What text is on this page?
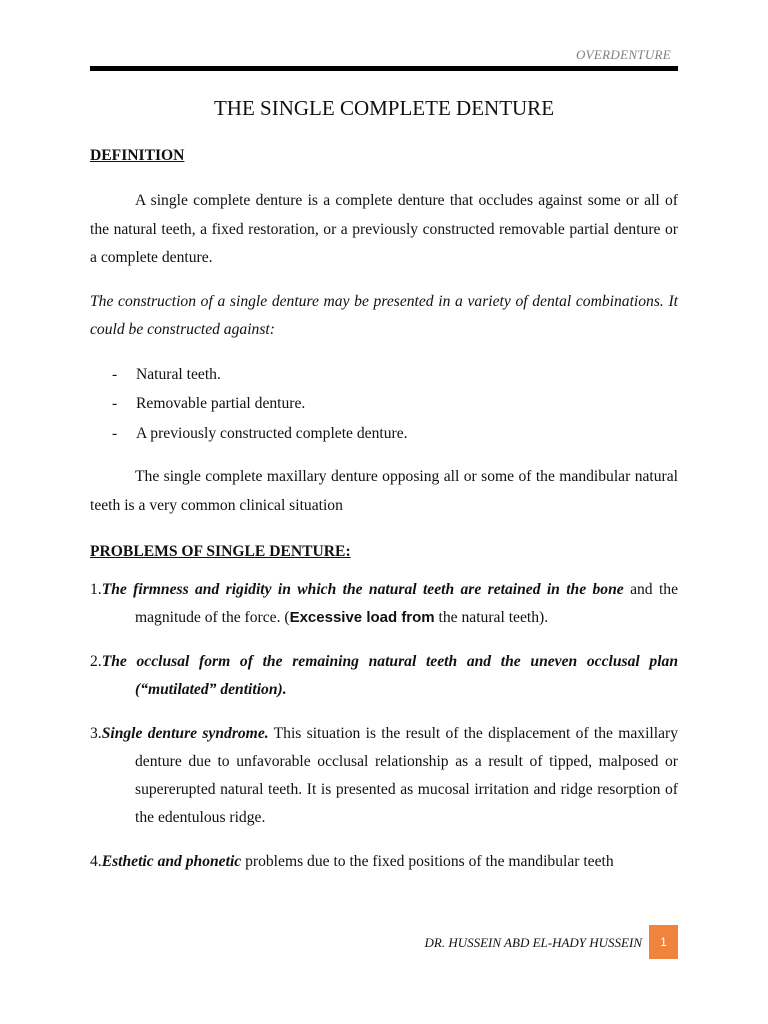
OVERDENTURE
THE SINGLE COMPLETE DENTURE
DEFINITION

A single complete denture is a complete denture that occludes against some or all of the natural teeth, a fixed restoration, or a previously constructed removable partial denture or a complete denture.

The construction of a single denture may be presented in a variety of dental combinations. It could be constructed against:

- Natural teeth.
- Removable partial denture.
- A previously constructed complete denture.

The single complete maxillary denture opposing all or some of the mandibular natural teeth is a very common clinical situation

PROBLEMS OF SINGLE DENTURE:
1.The firmness and rigidity in which the natural teeth are retained in the bone and the magnitude of the force. (Excessive load from the natural teeth).
2.The occlusal form of the remaining natural teeth and the uneven occlusal plan (“mutilated” dentition).
3.Single denture syndrome. This situation is the result of the displacement of the maxillary denture due to unfavorable occlusal relationship as a result of tipped, malposed or supererupted natural teeth. It is presented as mucosal irritation and ridge resorption of the edentulous ridge.
4.Esthetic and phonetic problems due to the fixed positions of the mandibular teeth
DR. HUSSEIN ABD EL-HADY HUSSEIN	1
